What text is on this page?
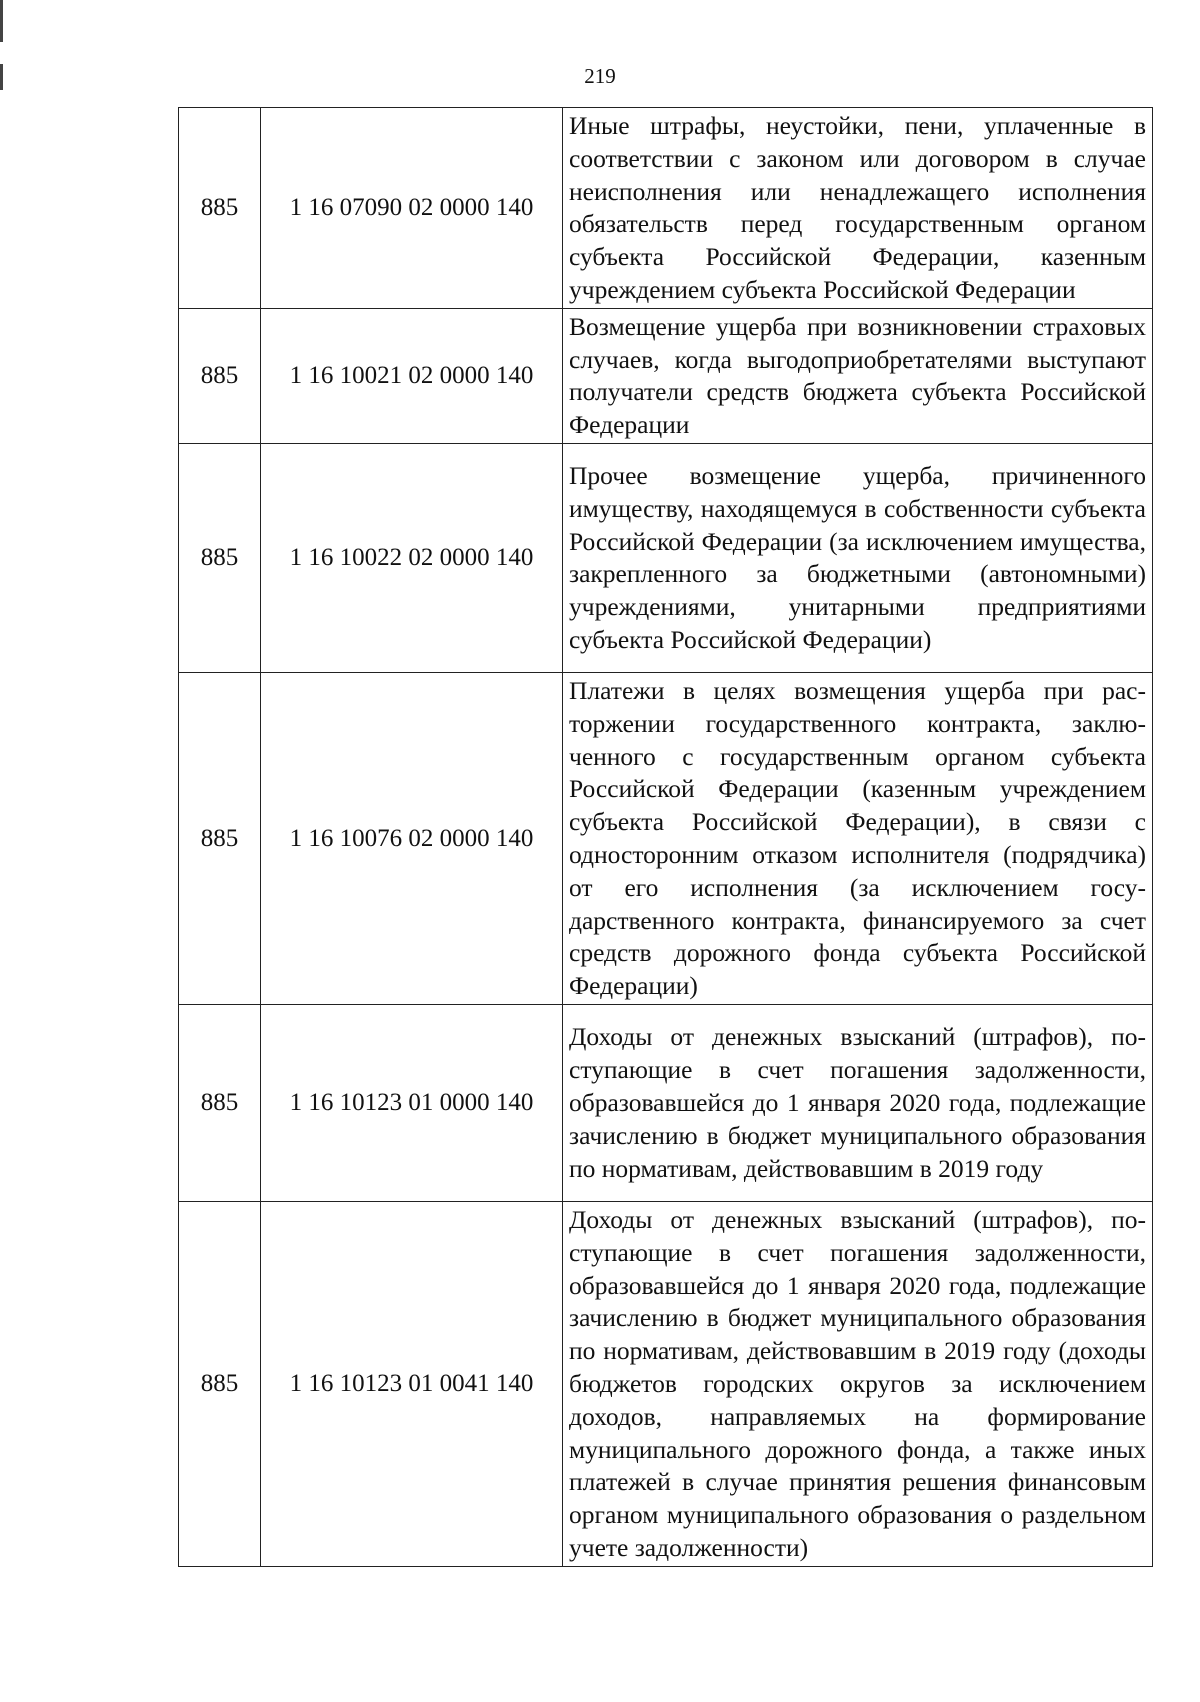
219
885	1 16 07090 02 0000 140	Иные штрафы, неустойки, пени, уплаченные в соответствии с законом или договором в случае неисполнения или ненадлежащего исполнения обязательств перед государственным органом субъекта Российской Федерации, казенным учреждением субъекта Российской Федерации
885	1 16 10021 02 0000 140	Возмещение ущерба при возникновении страховых случаев, когда выгодоприобретателями выступают получатели средств бюджета субъекта Российской Федерации
885	1 16 10022 02 0000 140	Прочее возмещение ущерба, причиненного имуществу, находящемуся в собственности субъекта Российской Федерации (за исключением имущества, закрепленного за бюджетными (автономными) учреждениями, унитарными предприятиями субъекта Российской Федерации)
885	1 16 10076 02 0000 140	Платежи в целях возмещения ущерба при расторжении государственного контракта, заключенного с государственным органом субъекта Российской Федерации (казенным учреждением субъекта Российской Федерации), в связи с односторонним отказом исполнителя (подрядчика) от его исполнения (за исключением государственного контракта, финансируемого за счет средств дорожного фонда субъекта Российской Федерации)
885	1 16 10123 01 0000 140	Доходы от денежных взысканий (штрафов), поступающие в счет погашения задолженности, образовавшейся до 1 января 2020 года, подлежащие зачислению в бюджет муниципального образования по нормативам, действовавшим в 2019 году
885	1 16 10123 01 0041 140	Доходы от денежных взысканий (штрафов), поступающие в счет погашения задолженности, образовавшейся до 1 января 2020 года, подлежащие зачислению в бюджет муниципального образования по нормативам, действовавшим в 2019 году (доходы бюджетов городских округов за исключением доходов, направляемых на формирование муниципального дорожного фонда, а также иных платежей в случае принятия решения финансовым органом муниципального образования о раздельном учете задолженности)
